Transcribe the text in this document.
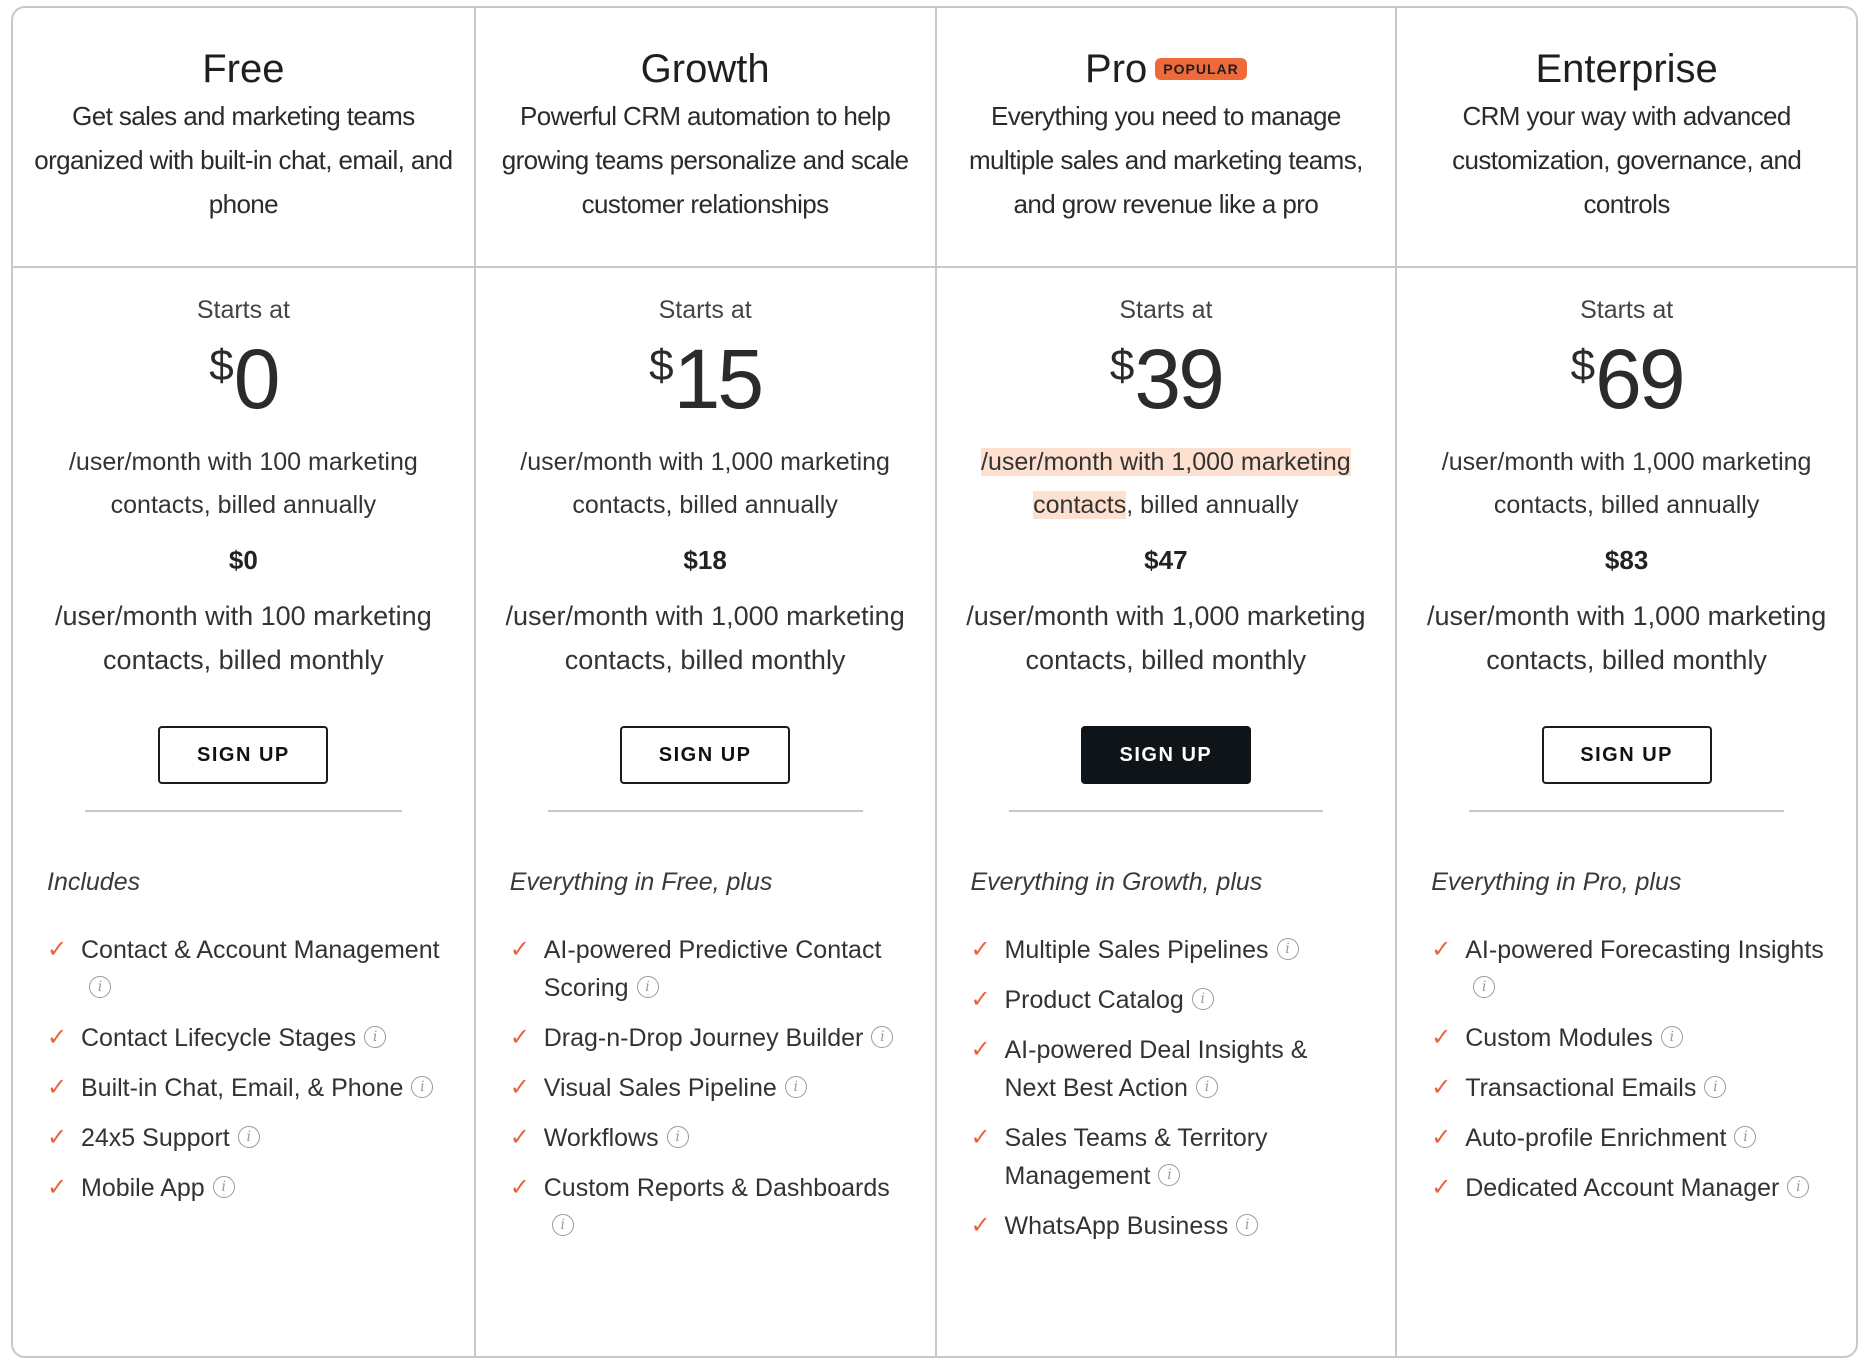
Free
Get sales and marketing teams organized with built-in chat, email, and phone
Starts at
$ 0
/user/month with 100 marketing contacts, billed annually
$0
/user/month with 100 marketing contacts, billed monthly
SIGN UP
Includes
✓ Contact & Account Managementi
✓ Contact Lifecycle Stages i
✓ Built-in Chat, Email, & Phone i
✓ 24x5 Support i
✓ Mobile App i
Growth
Powerful CRM automation to help growing teams personalize and scale customer relationships
Starts at
$ 15
/user/month with 1,000 marketing contacts, billed annually
$18
/user/month with 1,000 marketing contacts, billed monthly
SIGN UP
Everything in Free, plus
✓ AI-powered Predictive Contact Scoring i
✓ Drag-n-Drop Journey Builder i
✓ Visual Sales Pipeline i
✓ Workflows i
✓ Custom Reports & Dashboardsi
Pro	POPULAR
Everything you need to manage multiple sales and marketing teams, and grow revenue like a pro
Starts at
$ 39
/user/month with 1,000 marketing contacts, billed annually
$47
/user/month with 1,000 marketing contacts, billed monthly
SIGN UP
Everything in Growth, plus
✓ Multiple Sales Pipelines i
✓ Product Catalog i
✓ AI-powered Deal Insights & Next Best Action i
✓ Sales Teams & Territory Management i
✓ WhatsApp Business i
Enterprise
CRM your way with advanced customization, governance, and controls
Starts at
$ 69
/user/month with 1,000 marketing contacts, billed annually
$83
/user/month with 1,000 marketing contacts, billed monthly
SIGN UP
Everything in Pro, plus
✓ AI-powered Forecasting Insightsi
✓ Custom Modules i
✓ Transactional Emails i
✓ Auto-profile Enrichment i
✓ Dedicated Account Manager i
